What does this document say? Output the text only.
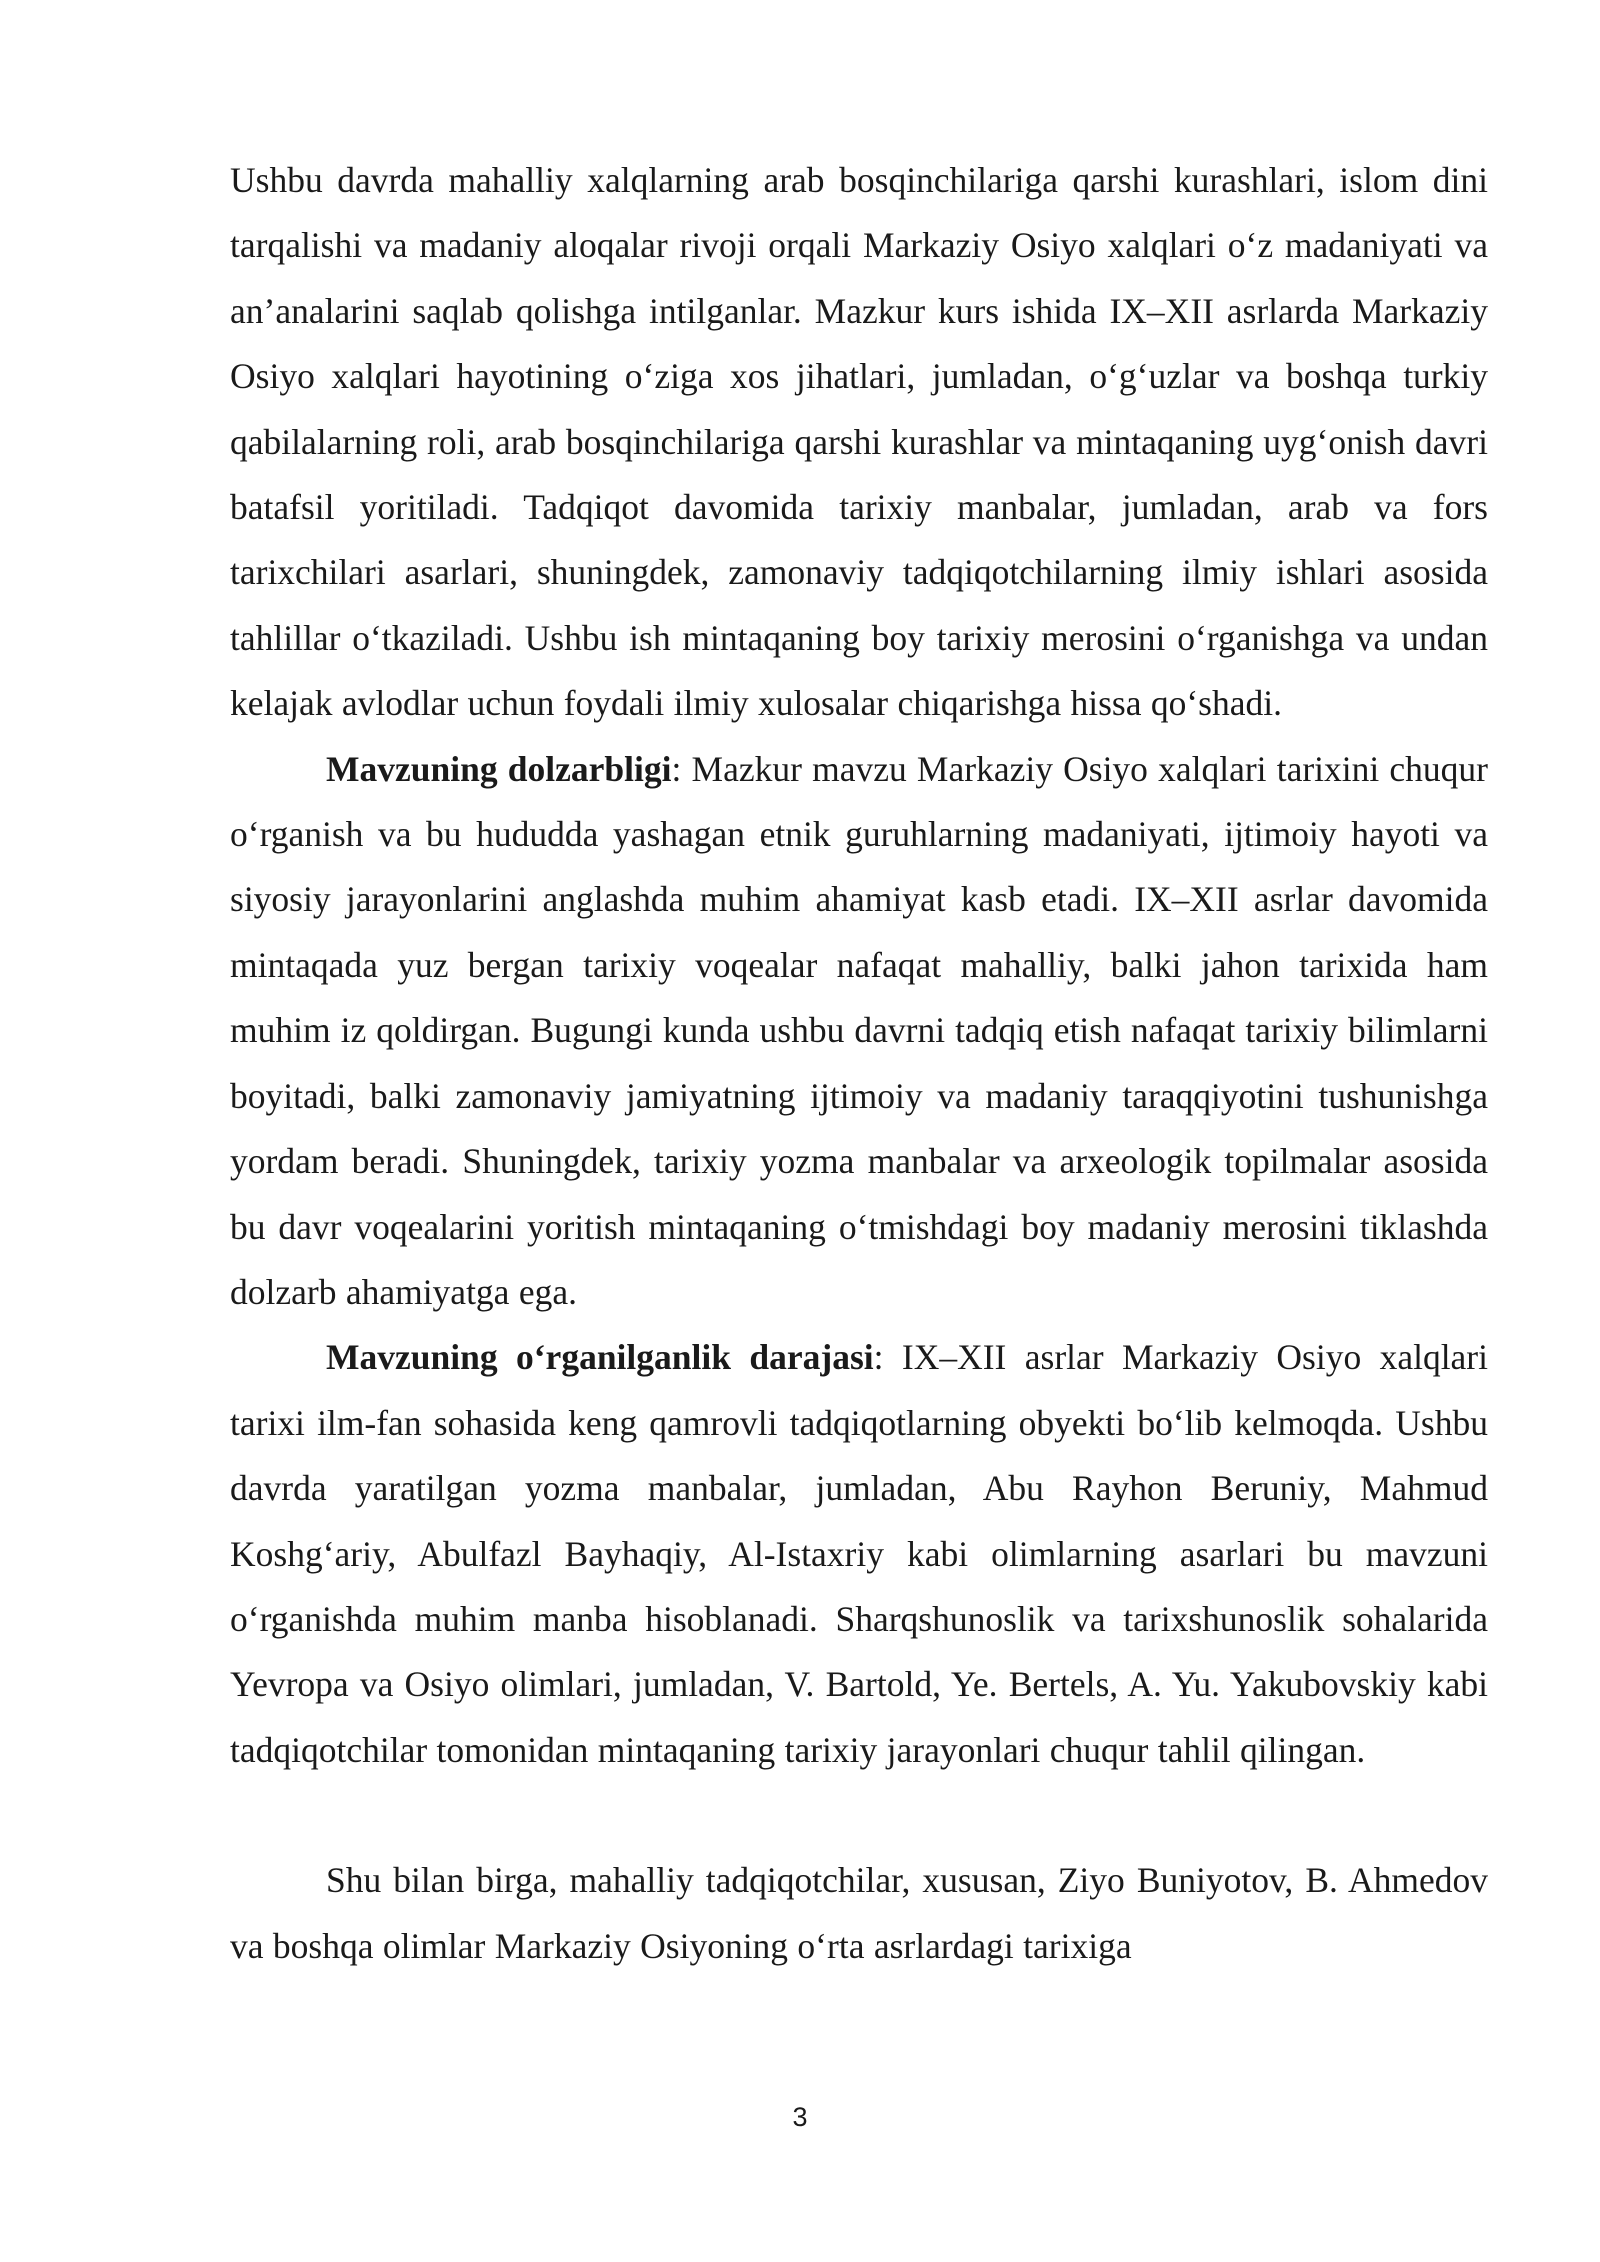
Ushbu davrda mahalliy xalqlarning arab bosqinchilariga qarshi kurashlari, islom dini tarqalishi va madaniy aloqalar rivoji orqali Markaziy Osiyo xalqlari o‘z madaniyati va an’analarini saqlab qolishga intilganlar. Mazkur kurs ishida IX–XII asrlarda Markaziy Osiyo xalqlari hayotining o‘ziga xos jihatlari, jumladan, o‘g‘uzlar va boshqa turkiy qabilalarning roli, arab bosqinchilariga qarshi kurashlar va mintaqaning uyg‘onish davri batafsil yoritiladi. Tadqiqot davomida tarixiy manbalar, jumladan, arab va fors tarixchilari asarlari, shuningdek, zamonaviy tadqiqotchilarning ilmiy ishlari asosida tahlillar o‘tkaziladi. Ushbu ish mintaqaning boy tarixiy merosini o‘rganishga va undan kelajak avlodlar uchun foydali ilmiy xulosalar chiqarishga hissa qo‘shadi.

Mavzuning dolzarbligi: Mazkur mavzu Markaziy Osiyo xalqlari tarixini chuqur o‘rganish va bu hududda yashagan etnik guruhlarning madaniyati, ijtimoiy hayoti va siyosiy jarayonlarini anglashda muhim ahamiyat kasb etadi. IX–XII asrlar davomida mintaqada yuz bergan tarixiy voqealar nafaqat mahalliy, balki jahon tarixida ham muhim iz qoldirgan. Bugungi kunda ushbu davrni tadqiq etish nafaqat tarixiy bilimlarni boyitadi, balki zamonaviy jamiyatning ijtimoiy va madaniy taraqqiyotini tushunishga yordam beradi. Shuningdek, tarixiy yozma manbalar va arxeologik topilmalar asosida bu davr voqealarini yoritish mintaqaning o‘tmishdagi boy madaniy merosini tiklashda dolzarb ahamiyatga ega.

Mavzuning o‘rganilganlik darajasi: IX–XII asrlar Markaziy Osiyo xalqlari tarixi ilm-fan sohasida keng qamrovli tadqiqotlarning obyekti bo‘lib kelmoqda. Ushbu davrda yaratilgan yozma manbalar, jumladan, Abu Rayhon Beruniy, Mahmud Koshg‘ariy, Abulfazl Bayhaqiy, Al-Istaxriy kabi olimlarning asarlari bu mavzuni o‘rganishda muhim manba hisoblanadi. Sharqshunoslik va tarixshunoslik sohalarida Yevropa va Osiyo olimlari, jumladan, V. Bartold, Ye. Bertels, A. Yu. Yakubovskiy kabi tadqiqotchilar tomonidan mintaqaning tarixiy jarayonlari chuqur tahlil qilingan.

Shu bilan birga, mahalliy tadqiqotchilar, xususan, Ziyo Buniyotov, B. Ahmedov va boshqa olimlar Markaziy Osiyoning o‘rta asrlardagi tarixiga

3
